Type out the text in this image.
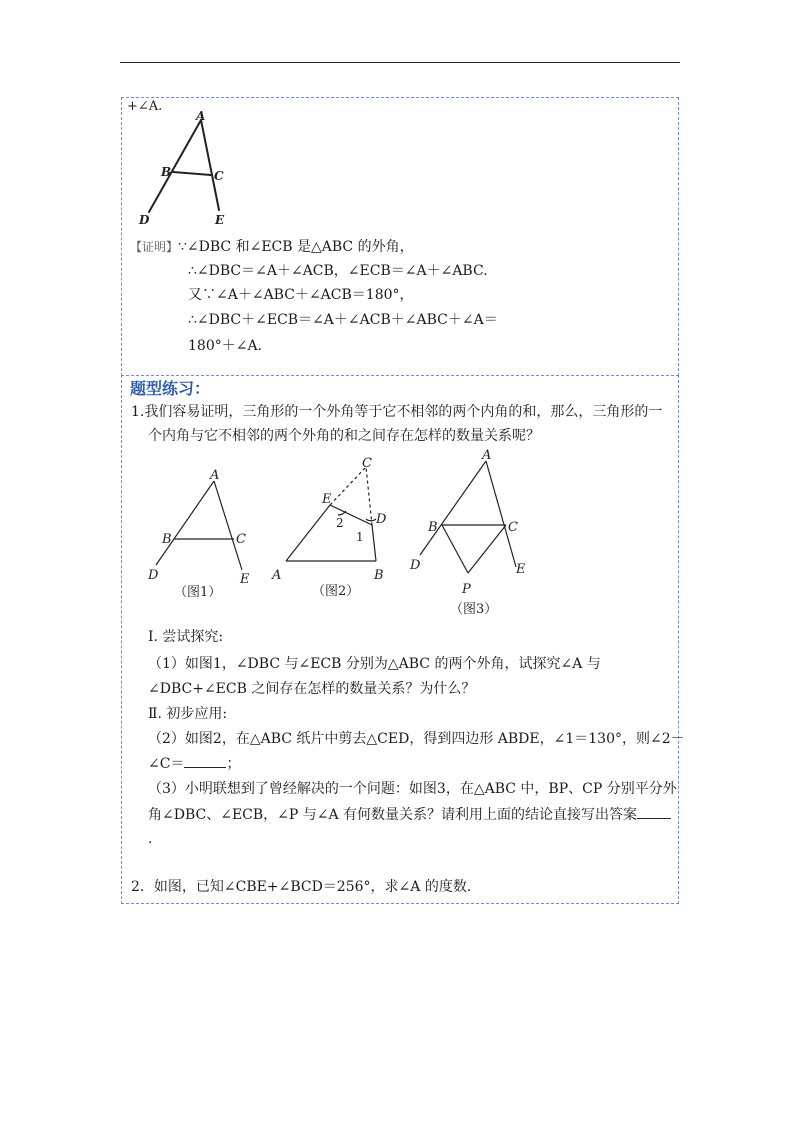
+∠A.
A
B	C
D	E
【证明】∵∠DBC 和∠ECB 是△ABC 的外角，
∴∠DBC＝∠A＋∠ACB，∠ECB＝∠A＋∠ABC.
又∵∠A＋∠ABC＋∠ACB＝180°，
∴∠DBC＋∠ECB＝∠A＋∠ACB＋∠ABC＋∠A＝
180°＋∠A.
题型练习：
1.我们容易证明，三角形的一个外角等于它不相邻的两个内角的和，那么，三角形的一
个内角与它不相邻的两个外角的和之间存在怎样的数量关系呢？
A
B	C
D	E
（图1）
C
E
D
A	B
2
1
（图2）
A
B	C
D	E
P
（图3）
Ⅰ. 尝试探究:
（1）如图1，∠DBC 与∠ECB 分别为△ABC 的两个外角，试探究∠A 与
∠DBC+∠ECB 之间存在怎样的数量关系？为什么？
Ⅱ. 初步应用:
（2）如图2，在△ABC 纸片中剪去△CED，得到四边形 ABDE，∠1＝130°，则∠2－
∠C＝	；
（3）小明联想到了曾经解决的一个问题：如图3，在△ABC 中，BP、CP 分别平分外
角∠DBC、∠ECB，∠P 与∠A 有何数量关系？请利用上面的结论直接写出答案
.
2．如图，已知∠CBE+∠BCD＝256°，求∠A 的度数.
